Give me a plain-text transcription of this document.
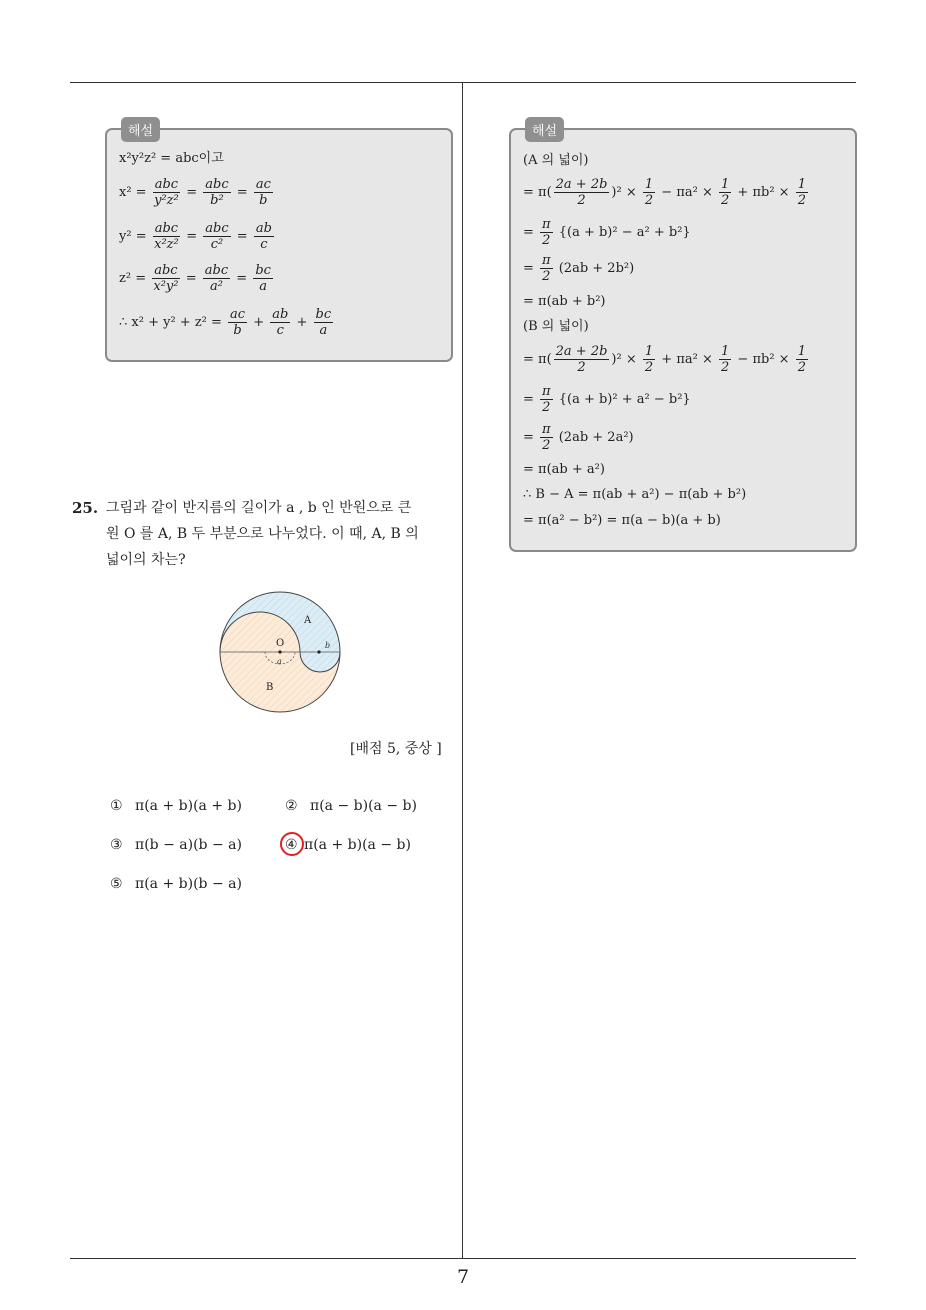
7
해설
x²y²z² = abc이고
$x^2 = \frac{\text{abc}}{\text{y²z²}} = \frac{\text{abc}}{\text{b²}} = \frac{ac}{b}$
$y^2 = \frac{\text{abc}}{\text{x²z²}} = \frac{\text{abc}}{\text{c²}} = \frac{ab}{c}$
$z^2 = \frac{\text{abc}}{\text{x²y²}} = \frac{\text{abc}}{\text{a²}} = \frac{bc}{a}$
∴ $x^2 + y^2 + z^2 = \frac{ac}{b} + \frac{ab}{c} + \frac{bc}{a}$
해설
(A 의 넓이)
= $\pi( \frac{2a + 2b}{2} )^2 \times \frac{1}{2} - \pi a^2 \times \frac{1}{2} + \pi b^2 \times \frac{1}{2}$
= $\frac{\pi}{2} \{(a + b)^2 - a^2 + b^2\}$
= $\frac{\pi}{2} (2ab + 2b^2)$
= π(ab + b²)
(B 의 넓이)
= $\pi( \frac{2a + 2b}{2} )^2 \times \frac{1}{2} + \pi a^2 \times \frac{1}{2} - \pi b^2 \times \frac{1}{2}$
= $\frac{\pi}{2} \{(a + b)^2 + a^2 - b^2\}$
= $\frac{\pi}{2} (2ab + 2a^2)$
= π(ab + a²)
∴ B − A = π(ab + a²) − π(ab + b²)
= π(a² − b²) = π(a − b)(a + b)
25. 그림과 같이 반지름의 길이가 a , b 인 반원으로 큰
원 O 를 A, B 두 부분으로 나누었다. 이 때, A, B 의
넓이의 차는?
O
A
B
a
b
[배점 5, 중상 ]
① π(a + b)(a + b)	② π(a − b)(a − b)
③ π(b − a)(b − a)	④ π(a + b)(a − b)
⑤ π(a + b)(b − a)
